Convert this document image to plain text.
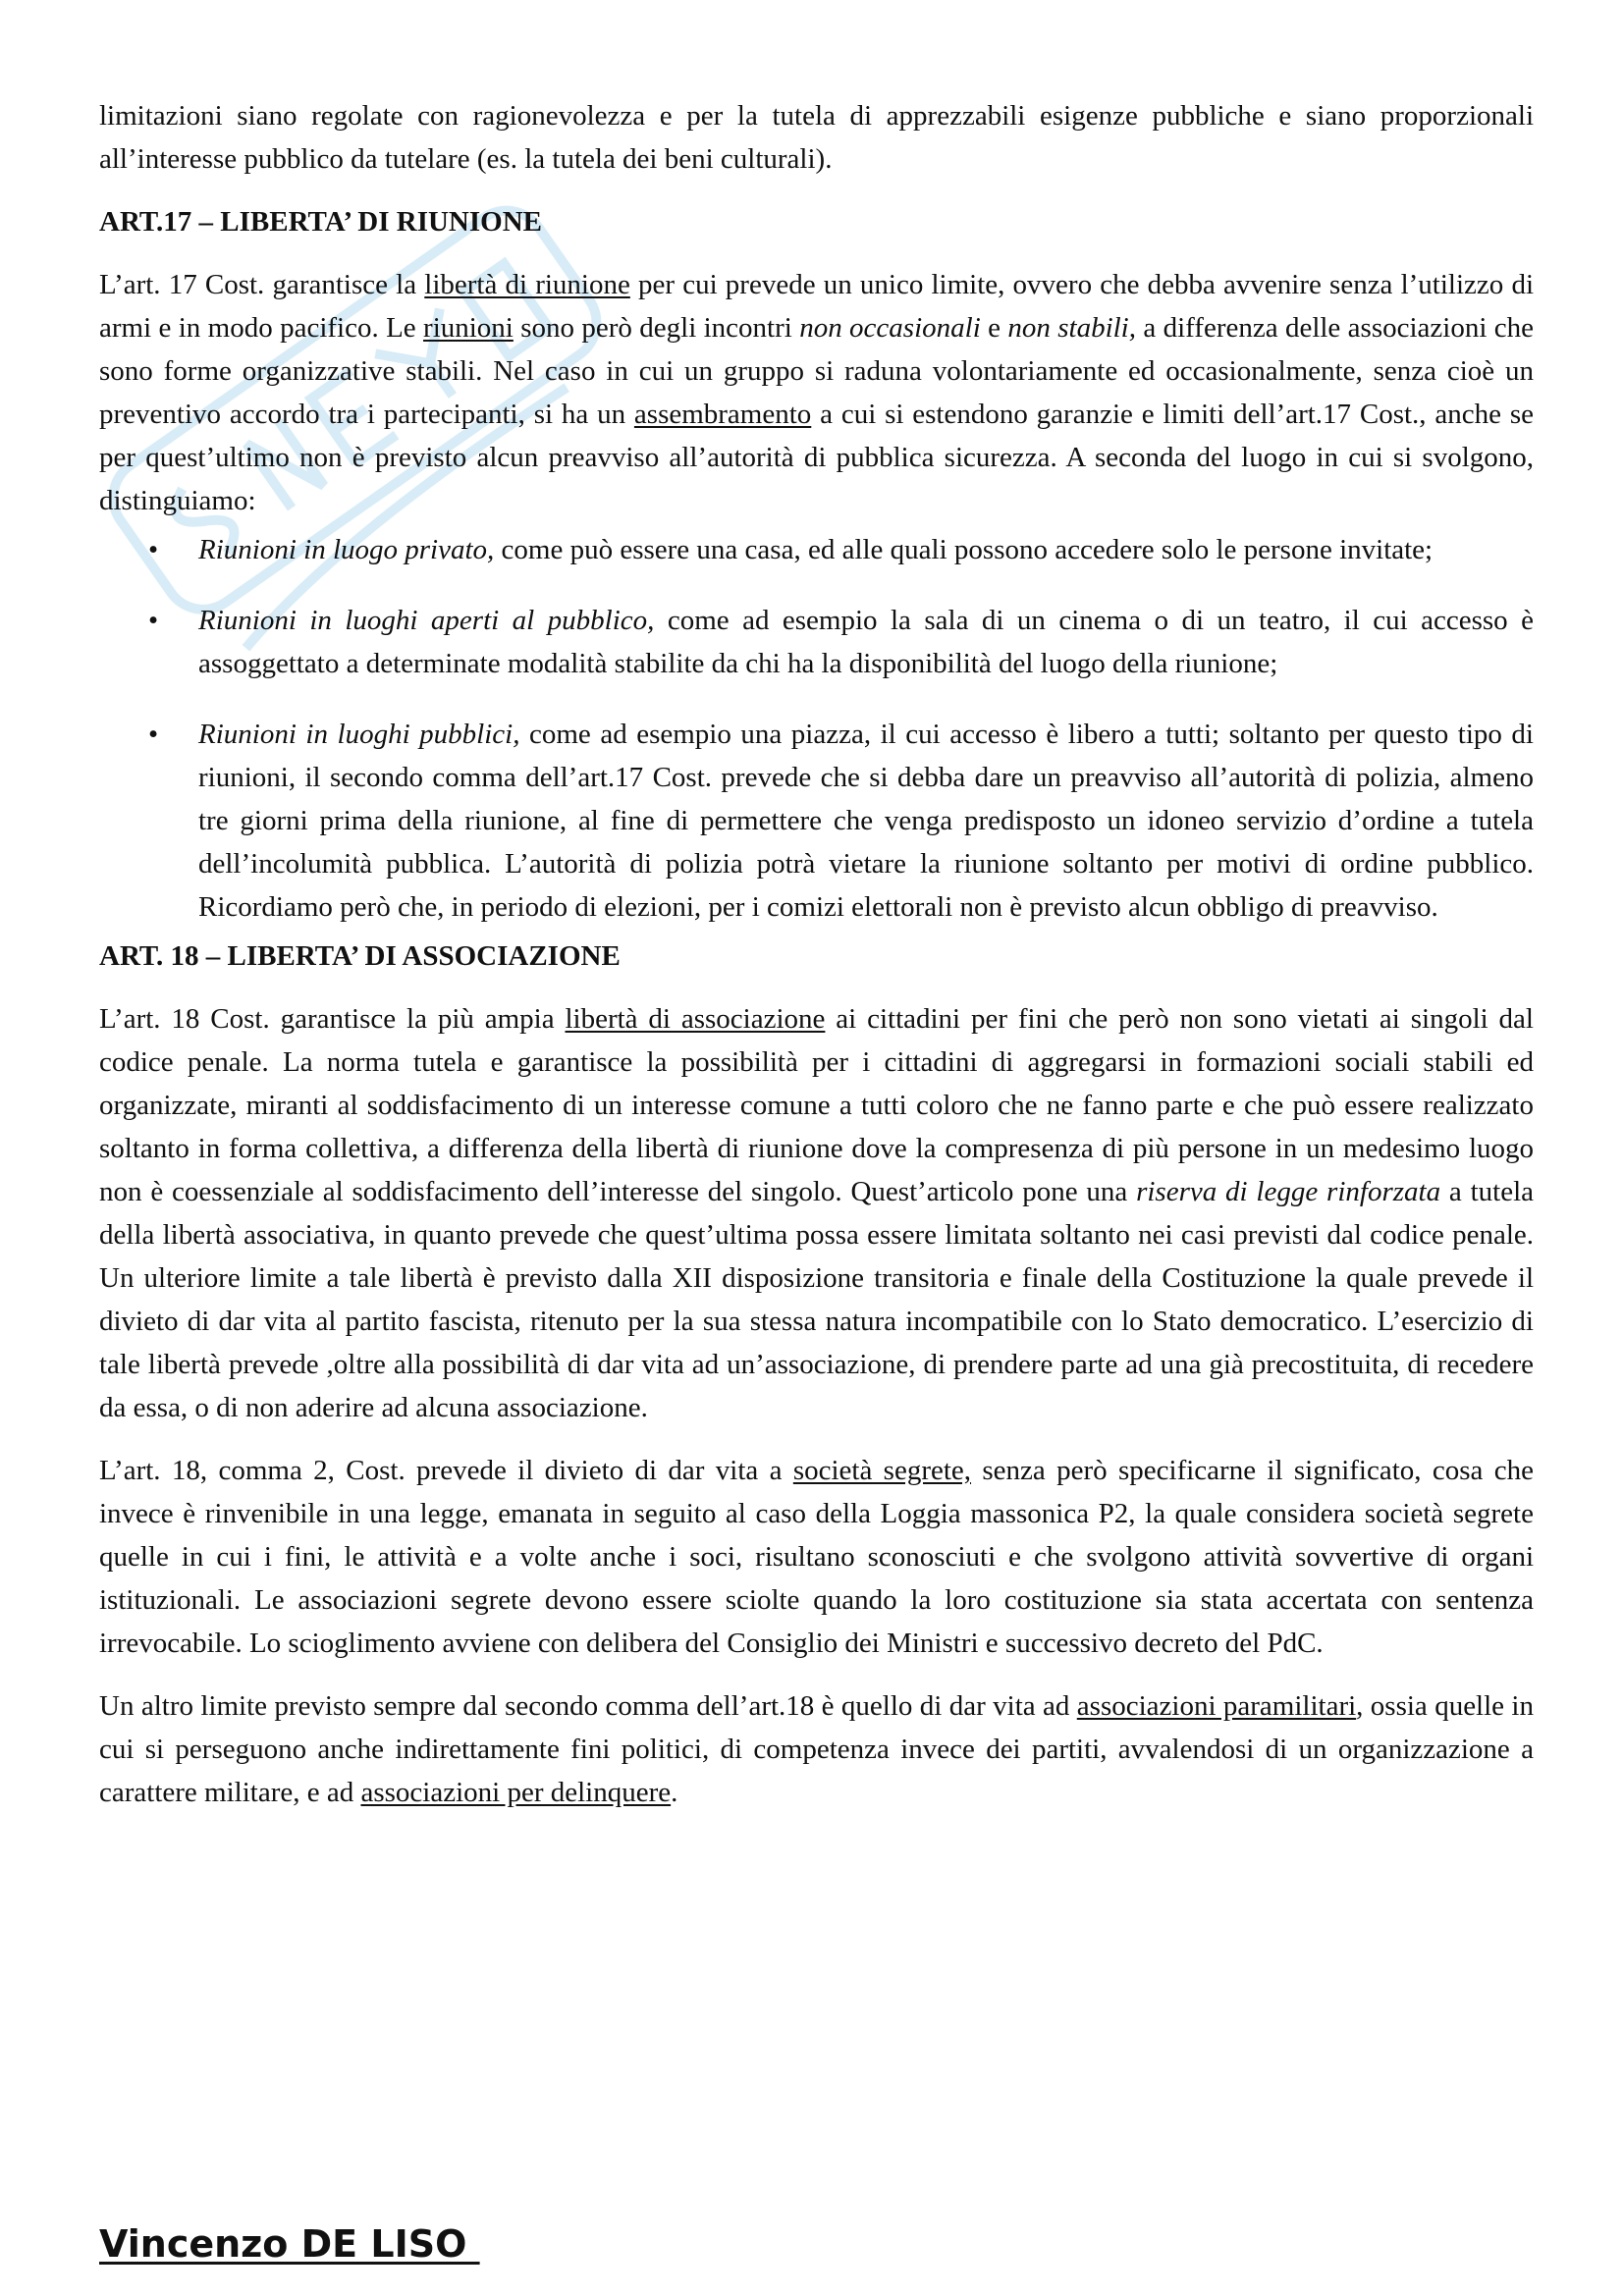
limitazioni siano regolate con ragionevolezza e per la tutela di apprezzabili esigenze pubbliche e siano proporzionali all’interesse pubblico da tutelare (es. la tutela dei beni culturali).

ART.17 – LIBERTA’ DI RIUNIONE

L’art. 17 Cost. garantisce la libertà di riunione per cui prevede un unico limite, ovvero che debba avvenire senza l’utilizzo di armi e in modo pacifico. Le riunioni sono però degli incontri non occasionali e non stabili, a differenza delle associazioni che sono forme organizzative stabili. Nel caso in cui un gruppo si raduna volontariamente ed occasionalmente, senza cioè un preventivo accordo tra i partecipanti, si ha un assembramento a cui si estendono garanzie e limiti dell’art.17 Cost., anche se per quest’ultimo non è previsto alcun preavviso all’autorità di pubblica sicurezza. A seconda del luogo in cui si svolgono, distinguiamo:

• Riunioni in luogo privato, come può essere una casa, ed alle quali possono accedere solo le persone invitate;
• Riunioni in luoghi aperti al pubblico, come ad esempio la sala di un cinema o di un teatro, il cui accesso è assoggettato a determinate modalità stabilite da chi ha la disponibilità del luogo della riunione;
• Riunioni in luoghi pubblici, come ad esempio una piazza, il cui accesso è libero a tutti; soltanto per questo tipo di riunioni, il secondo comma dell’art.17 Cost. prevede che si debba dare un preavviso all’autorità di polizia, almeno tre giorni prima della riunione, al fine di permettere che venga predisposto un idoneo servizio d’ordine a tutela dell’incolumità pubblica. L’autorità di polizia potrà vietare la riunione soltanto per motivi di ordine pubblico. Ricordiamo però che, in periodo di elezioni, per i comizi elettorali non è previsto alcun obbligo di preavviso.
ART. 18 – LIBERTA’ DI ASSOCIAZIONE

L’art. 18 Cost. garantisce la più ampia libertà di associazione ai cittadini per fini che però non sono vietati ai singoli dal codice penale. La norma tutela e garantisce la possibilità per i cittadini di aggregarsi in formazioni sociali stabili ed organizzate, miranti al soddisfacimento di un interesse comune a tutti coloro che ne fanno parte e che può essere realizzato soltanto in forma collettiva, a differenza della libertà di riunione dove la compresenza di più persone in un medesimo luogo non è coessenziale al soddisfacimento dell’interesse del singolo. Quest’articolo pone una riserva di legge rinforzata a tutela della libertà associativa, in quanto prevede che quest’ultima possa essere limitata soltanto nei casi previsti dal codice penale. Un ulteriore limite a tale libertà è previsto dalla XII disposizione transitoria e finale della Costituzione la quale prevede il divieto di dar vita al partito fascista, ritenuto per la sua stessa natura incompatibile con lo Stato democratico. L’esercizio di tale libertà prevede ,oltre alla possibilità di dar vita ad un’associazione, di prendere parte ad una già precostituita, di recedere da essa, o di non aderire ad alcuna associazione.

L’art. 18, comma 2, Cost. prevede il divieto di dar vita a società segrete, senza però specificarne il significato, cosa che invece è rinvenibile in una legge, emanata in seguito al caso della Loggia massonica P2, la quale considera società segrete quelle in cui i fini, le attività e a volte anche i soci, risultano sconosciuti e che svolgono attività sovvertive di organi istituzionali. Le associazioni segrete devono essere sciolte quando la loro costituzione sia stata accertata con sentenza irrevocabile. Lo scioglimento avviene con delibera del Consiglio dei Ministri e successivo decreto del PdC.

Un altro limite previsto sempre dal secondo comma dell’art.18 è quello di dar vita ad associazioni paramilitari, ossia quelle in cui si perseguono anche indirettamente fini politici, di competenza invece dei partiti, avvalendosi di un organizzazione a carattere militare, e ad associazioni per delinquere.

Vincenzo DE LISO
